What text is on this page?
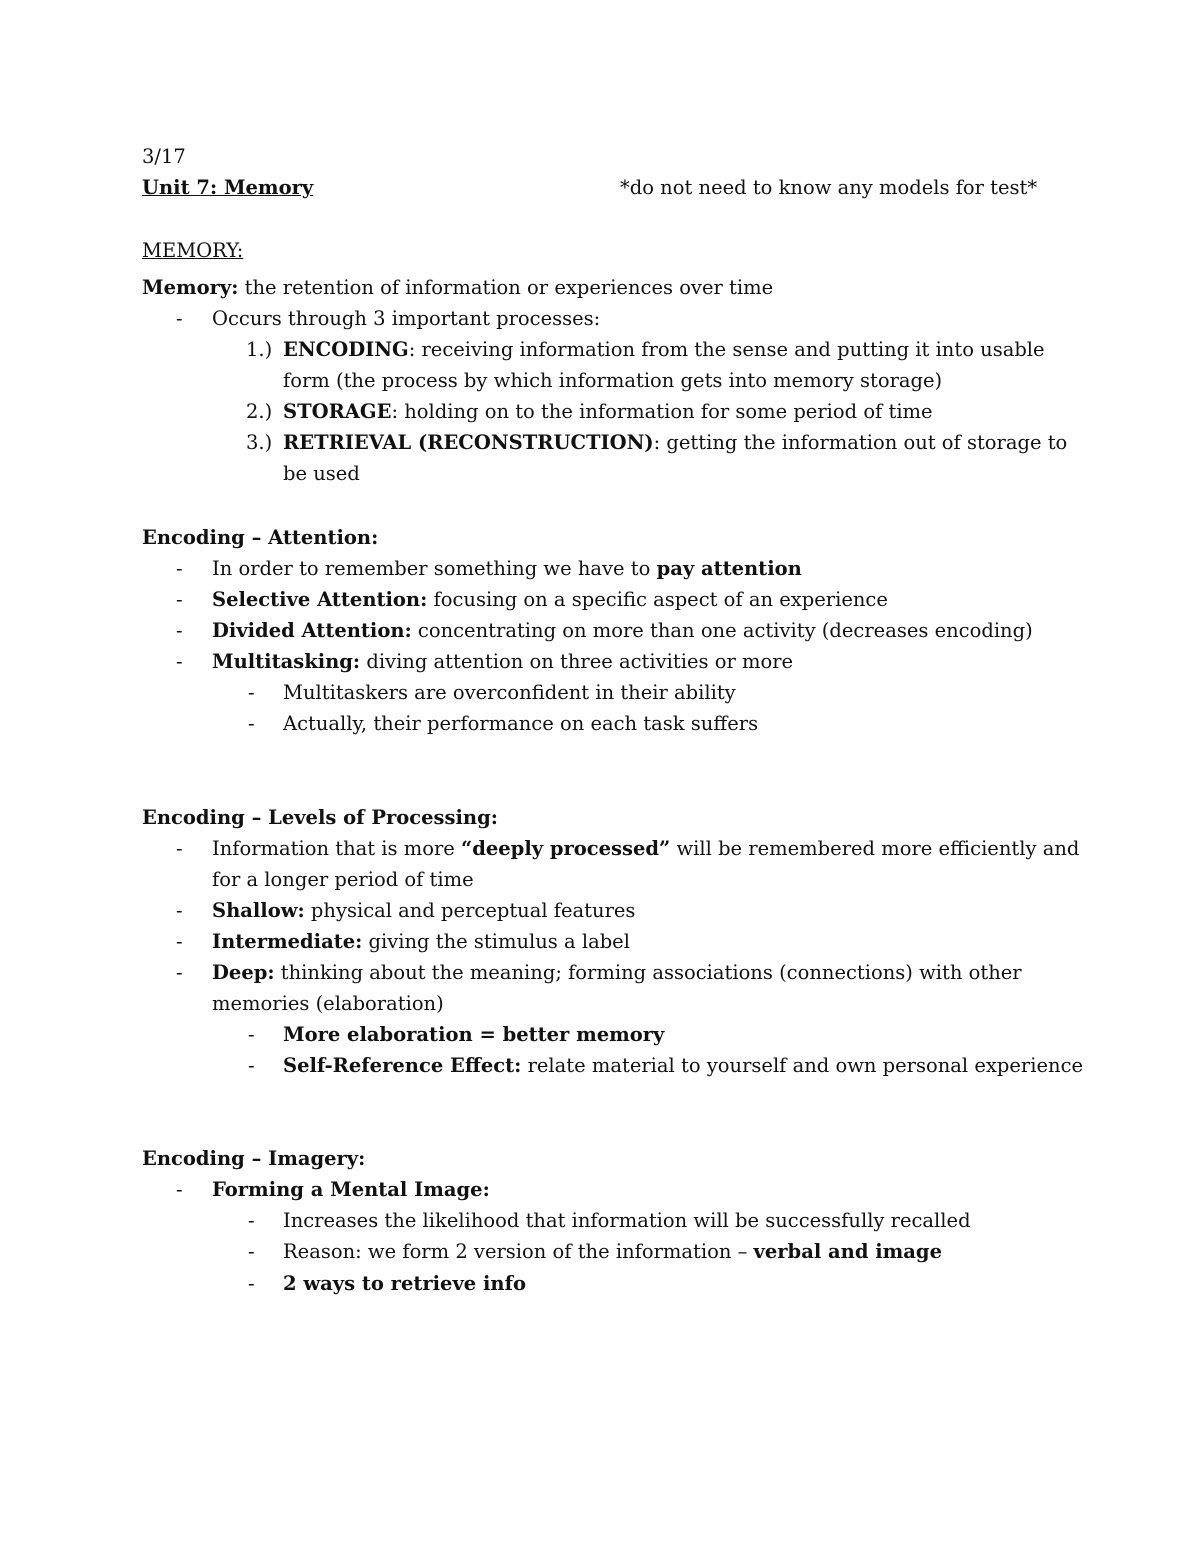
3/17
Unit 7: Memory	*do not need to know any models for test*
MEMORY:
Memory: the retention of information or experiences over time
- Occurs through 3 important processes:
1.) ENCODING: receiving information from the sense and putting it into usable
form (the process by which information gets into memory storage)
2.) STORAGE: holding on to the information for some period of time
3.) RETRIEVAL (RECONSTRUCTION): getting the information out of storage to
be used
Encoding – Attention:
- In order to remember something we have to pay attention
- Selective Attention: focusing on a specific aspect of an experience
- Divided Attention: concentrating on more than one activity (decreases encoding)
- Multitasking: diving attention on three activities or more
- Multitaskers are overconfident in their ability
- Actually, their performance on each task suffers
Encoding – Levels of Processing:
- Information that is more “deeply processed” will be remembered more efficiently and
for a longer period of time
- Shallow: physical and perceptual features
- Intermediate: giving the stimulus a label
- Deep: thinking about the meaning; forming associations (connections) with other
memories (elaboration)
- More elaboration = better memory
- Self-Reference Effect: relate material to yourself and own personal experience
Encoding – Imagery:
- Forming a Mental Image:
- Increases the likelihood that information will be successfully recalled
- Reason: we form 2 version of the information – verbal and image
- 2 ways to retrieve info
